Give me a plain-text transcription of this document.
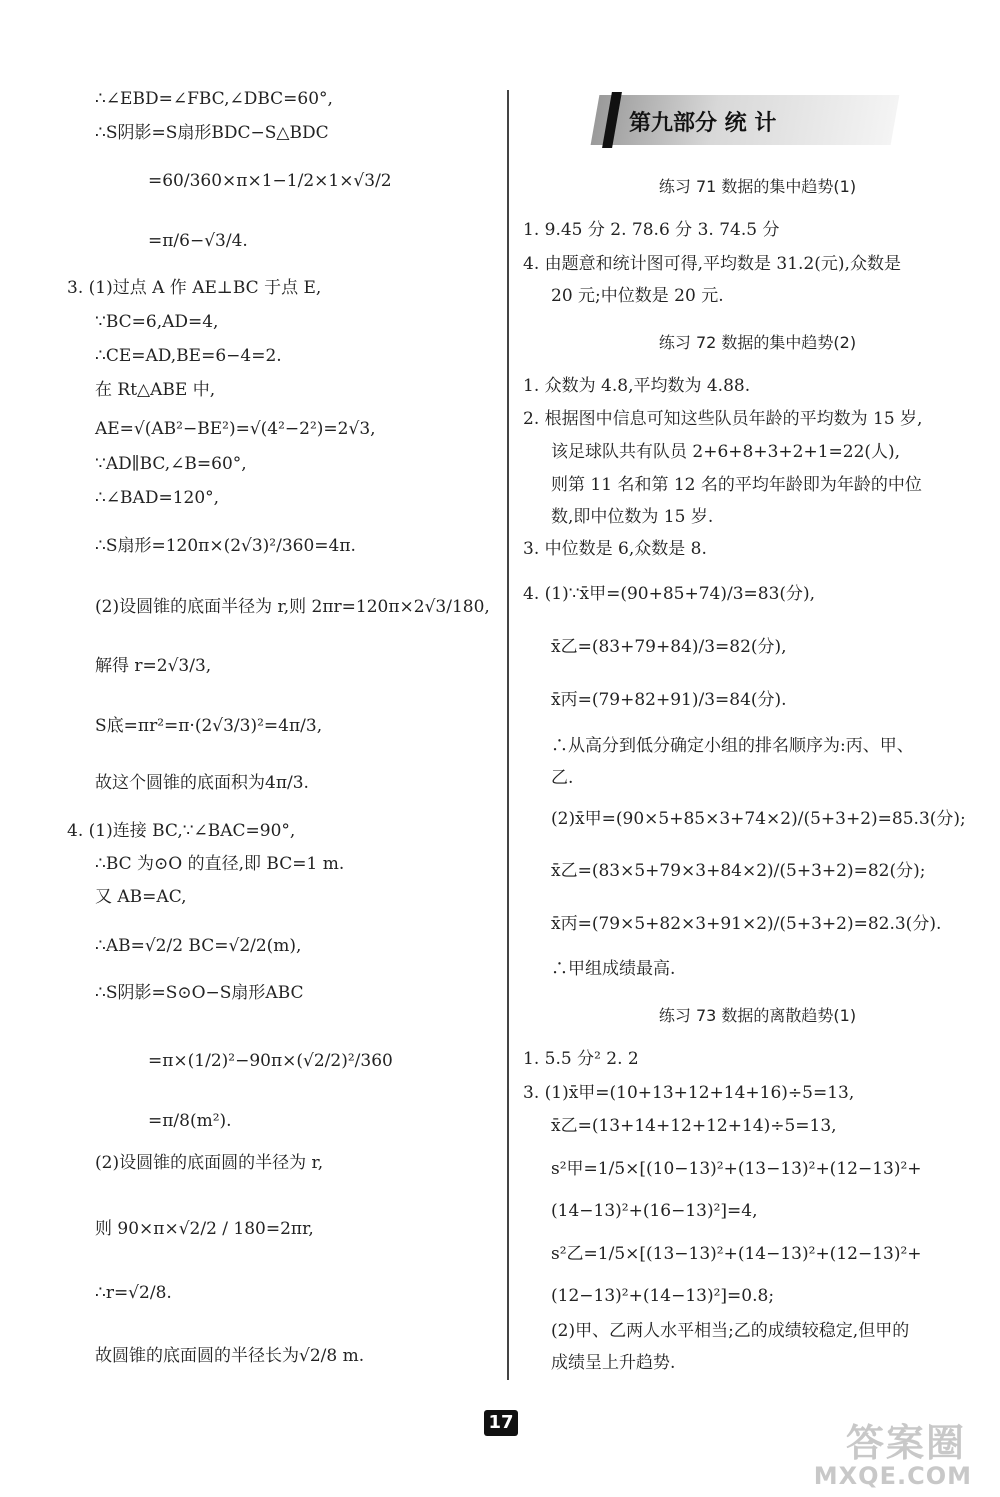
∴∠EBD=∠FBC,∠DBC=60°,
∴S阴影=S扇形BDC−S△BDC
=60/360×π×1−1/2×1×√3/2
=π/6−√3/4.
3. (1)过点 A 作 AE⊥BC 于点 E,
∵BC=6,AD=4,
∴CE=AD,BE=6−4=2.
在 Rt△ABE 中,
AE=√(AB²−BE²)=√(4²−2²)=2√3,
∵AD∥BC,∠B=60°,
∴∠BAD=120°,
∴S扇形=120π×(2√3)²/360=4π.
(2)设圆锥的底面半径为 r,则 2πr=120π×2√3/180,
解得 r=2√3/3,
S底=πr²=π·(2√3/3)²=4π/3,
故这个圆锥的底面积为4π/3.
4. (1)连接 BC,∵∠BAC=90°,
∴BC 为⊙O 的直径,即 BC=1 m.
又 AB=AC,
∴AB=√2/2 BC=√2/2(m),
∴S阴影=S⊙O−S扇形ABC
=π×(1/2)²−90π×(√2/2)²/360
=π/8(m²).
(2)设圆锥的底面圆的半径为 r,
则 90×π×√2/2 / 180=2πr,
∴r=√2/8.
故圆锥的底面圆的半径长为√2/8 m.
第九部分 统 计
练习 71 数据的集中趋势(1)
1. 9.45 分 2. 78.6 分 3. 74.5 分
4. 由题意和统计图可得,平均数是 31.2(元),众数是
20 元;中位数是 20 元.
练习 72 数据的集中趋势(2)
1. 众数为 4.8,平均数为 4.88.
2. 根据图中信息可知这些队员年龄的平均数为 15 岁,
该足球队共有队员 2+6+8+3+2+1=22(人),
则第 11 名和第 12 名的平均年龄即为年龄的中位
数,即中位数为 15 岁.
3. 中位数是 6,众数是 8.
4. (1)∵x̄甲=(90+85+74)/3=83(分),
x̄乙=(83+79+84)/3=82(分),
x̄丙=(79+82+91)/3=84(分).
∴从高分到低分确定小组的排名顺序为:丙、甲、
乙.
(2)x̄甲=(90×5+85×3+74×2)/(5+3+2)=85.3(分);
x̄乙=(83×5+79×3+84×2)/(5+3+2)=82(分);
x̄丙=(79×5+82×3+91×2)/(5+3+2)=82.3(分).
∴甲组成绩最高.
练习 73 数据的离散趋势(1)
1. 5.5 分² 2. 2
3. (1)x̄甲=(10+13+12+14+16)÷5=13,
x̄乙=(13+14+12+12+14)÷5=13,
s²甲=1/5×[(10−13)²+(13−13)²+(12−13)²+
(14−13)²+(16−13)²]=4,
s²乙=1/5×[(13−13)²+(14−13)²+(12−13)²+
(12−13)²+(14−13)²]=0.8;
(2)甲、乙两人水平相当;乙的成绩较稳定,但甲的
成绩呈上升趋势.
17	答案圈
MXQE.COM
